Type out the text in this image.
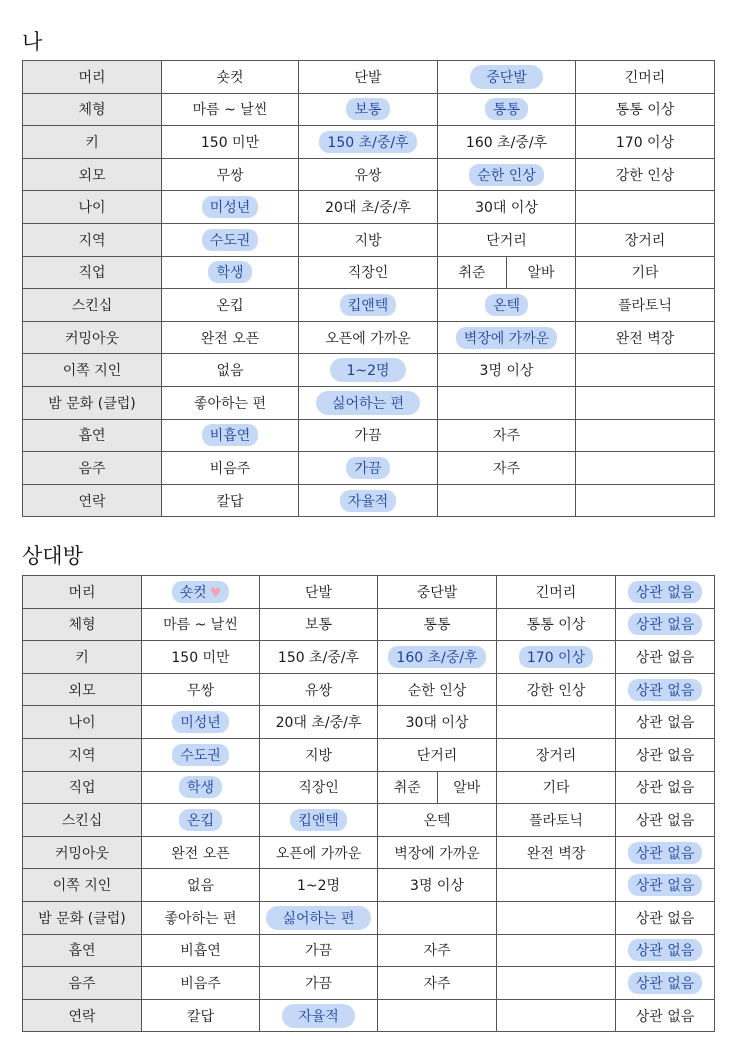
나
머리	숏컷	단발	중단발	긴머리
체형	마름 ~ 날씬	보통	통통	통통 이상
키	150 미만	150 초/중/후	160 초/중/후	170 이상
외모	무쌍	유쌍	순한 인상	강한 인상
나이	미성년	20대 초/중/후	30대 이상	
지역	수도권	지방	단거리	장거리
직업	학생	직장인	취준 알바	기타
스킨십	온킵	킵앤텍	온텍	플라토닉
커밍아웃	완전 오픈	오픈에 가까운	벽장에 가까운	완전 벽장
이쪽 지인	없음	1~2명	3명 이상	
밤 문화 (클럽)	좋아하는 편	싫어하는 편		
흡연	비흡연	가끔	자주	
음주	비음주	가끔	자주	
연락	칼답	자율적		
상대방
머리	숏컷 ♥	단발	중단발	긴머리	상관 없음
체형	마름 ~ 날씬	보통	통통	통통 이상	상관 없음
키	150 미만	150 초/중/후	160 초/중/후	170 이상	상관 없음
외모	무쌍	유쌍	순한 인상	강한 인상	상관 없음
나이	미성년	20대 초/중/후	30대 이상		상관 없음
지역	수도권	지방	단거리	장거리	상관 없음
직업	학생	직장인	취준 알바	기타	상관 없음
스킨십	온킵	킵앤텍	온텍	플라토닉	상관 없음
커밍아웃	완전 오픈	오픈에 가까운	벽장에 가까운	완전 벽장	상관 없음
이쪽 지인	없음	1~2명	3명 이상		상관 없음
밤 문화 (클럽)	좋아하는 편	싫어하는 편			상관 없음
흡연	비흡연	가끔	자주		상관 없음
음주	비음주	가끔	자주		상관 없음
연락	칼답	자율적			상관 없음
